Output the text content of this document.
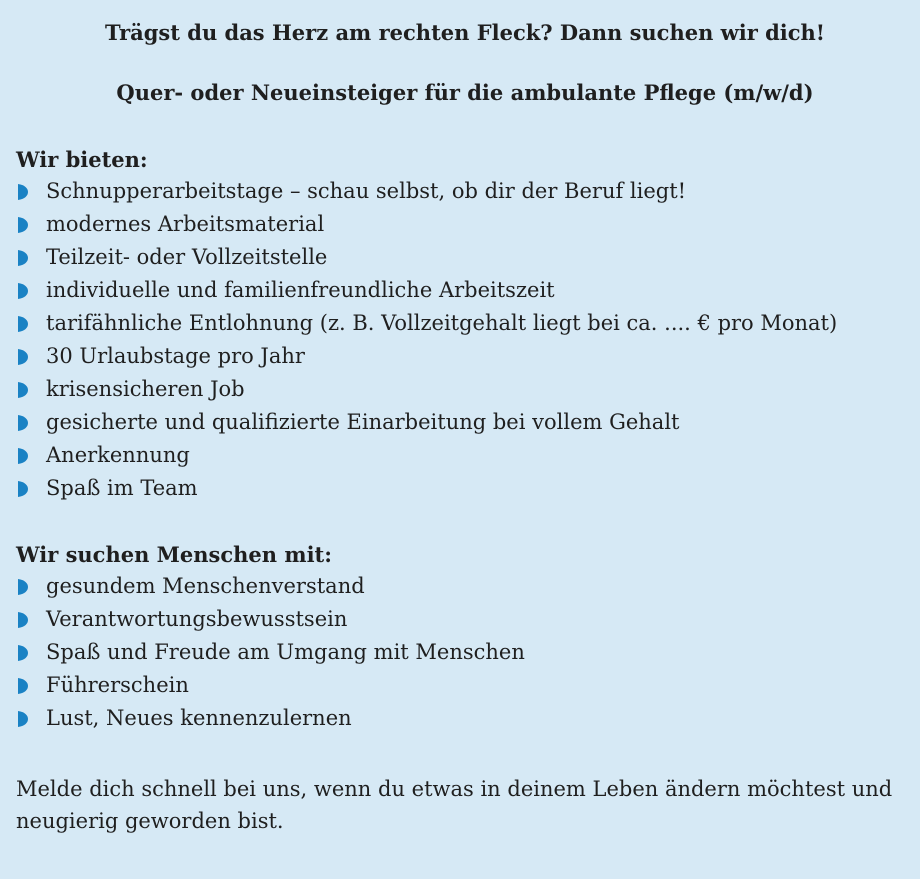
Trägst du das Herz am rechten Fleck? Dann suchen wir dich!

Quer- oder Neueinsteiger für die ambulante Pflege (m/w/d)

Wir bieten:

Schnupperarbeitstage – schau selbst, ob dir der Beruf liegt!
modernes Arbeitsmaterial
Teilzeit- oder Vollzeitstelle
individuelle und familienfreundliche Arbeitszeit
tarifähnliche Entlohnung (z. B. Vollzeitgehalt liegt bei ca. .... € pro Monat)
30 Urlaubstage pro Jahr
krisensicheren Job
gesicherte und qualifizierte Einarbeitung bei vollem Gehalt
Anerkennung
Spaß im Team

Wir suchen Menschen mit:

gesundem Menschenverstand
Verantwortungsbewusstsein
Spaß und Freude am Umgang mit Menschen
Führerschein
Lust, Neues kennenzulernen

Melde dich schnell bei uns, wenn du etwas in deinem Leben ändern möchtest und neugierig geworden bist.
